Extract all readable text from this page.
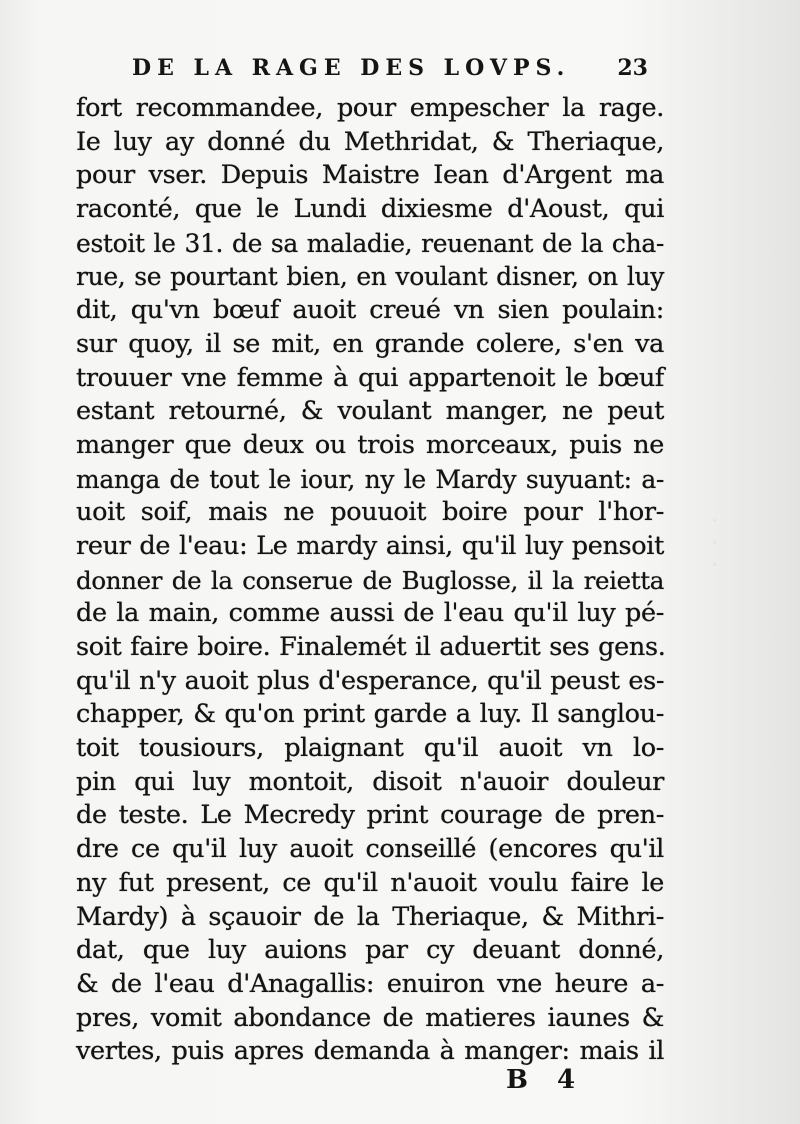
·
·
·
DE LA RAGE DES LOVPS. 23
fort recommandee, pour empescher la rage.
Ie luy ay donné du Methridat, & Theriaque,
pour vser. Depuis Maistre Iean d'Argent ma
raconté, que le Lundi dixiesme d'Aoust, qui
estoit le 31. de sa maladie, reuenant de la cha-
rue, se pourtant bien, en voulant disner, on luy
dit, qu'vn bœuf auoit creué vn sien poulain:
sur quoy, il se mit, en grande colere, s'en va
trouuer vne femme à qui appartenoit le bœuf
estant retourné, & voulant manger, ne peut
manger que deux ou trois morceaux, puis ne
manga de tout le iour, ny le Mardy suyuant: a-
uoit soif, mais ne pouuoit boire pour l'hor-
reur de l'eau: Le mardy ainsi, qu'il luy pensoit
donner de la conserue de Buglosse, il la reietta
de la main, comme aussi de l'eau qu'il luy pé-
soit faire boire. Finalemét il aduertit ses gens.
qu'il n'y auoit plus d'esperance, qu'il peust es-
chapper, & qu'on print garde a luy. Il sanglou-
toit tousiours, plaignant qu'il auoit vn lo-
pin qui luy montoit, disoit n'auoir douleur
de teste. Le Mecredy print courage de pren-
dre ce qu'il luy auoit conseillé (encores qu'il
ny fut present, ce qu'il n'auoit voulu faire le
Mardy) à sçauoir de la Theriaque, & Mithri-
dat, que luy auions par cy deuant donné,
& de l'eau d'Anagallis: enuiron vne heure a-
pres, vomit abondance de matieres iaunes &
vertes, puis apres demanda à manger: mais il
B 4
